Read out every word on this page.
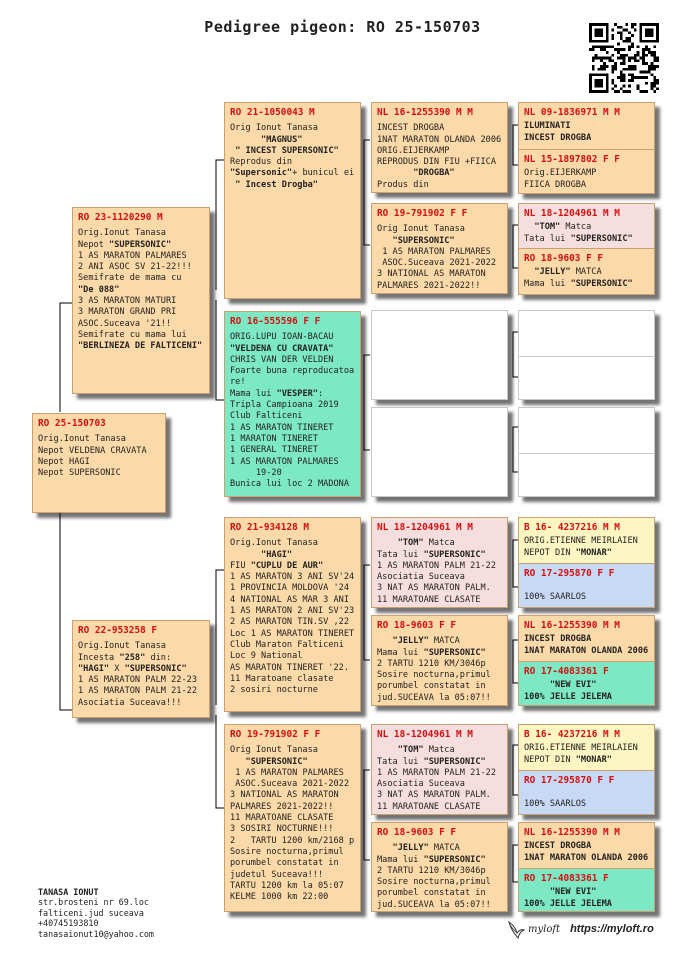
Pedigree pigeon: RO 25-150703
RO 25-150703
Orig.Ionut Tanasa
Nepot VELDENA CRAVATA
Nepot HAGI
Nepot SUPERSONIC
RO 23-1120290 M
Orig.Ionut Tanasa
Nepot "SUPERSONIC"
1 AS MARATON PALMARES
2 ANI ASOC SV 21-22!!!
Semifrate de mama cu
"De 088"
3 AS MARATON MATURI
3 MARATON GRAND PRI
ASOC.Suceava '21!!
Semifrate cu mama lui
"BERLINEZA DE FALTICENI"
RO 22-953258 F
Orig.Ionut Tanasa
Incesta "258" din:
"HAGI" X "SUPERSONIC"
1 AS MARATON PALM 22-23
1 AS MARATON PALM 21-22
Asociatia Suceava!!!
RO 21-1050043 M
Orig Ionut Tanasa
"MAGNUS"
" INCEST SUPERSONIC"
Reprodus din
"Supersonic"+ bunicul ei
" Incest Drogba"
RO 16-555596 F F
ORIG.LUPU IOAN-BACAU
"VELDENA CU CRAVATA"
CHRIS VAN DER VELDEN
Foarte buna reproducatoa
re!
Mama lui "VESPER":
Tripla Campioana 2019
Club Falticeni
1 AS MARATON TINERET
1 MARATON TINERET
1 GENERAL TINERET
1 AS MARATON PALMARES
19-20
Bunica lui loc 2 MADONA
RO 21-934128 M
Orig.Ionut Tanasa
"HAGI"
FIU "CUPLU DE AUR"
1 AS MARATON 3 ANI SV'24
1 PROVINCIA MOLDOVA '24
4 NATIONAL AS MAR 3 ANI
1 AS MARATON 2 ANI SV'23
2 AS MARATON TIN.SV ,22
Loc 1 AS MARATON TINERET
Club Maraton Falticeni
Loc 9 National
AS MARATON TINERET '22.
11 Maratoane clasate
2 sosiri nocturne
RO 19-791902 F F
Orig Ionut Tanasa
"SUPERSONIC"
1 AS MARATON PALMARES
ASOC.Suceava 2021-2022
3 NATIONAL AS MARATON
PALMARES 2021-2022!!
11 MARATOANE CLASATE
3 SOSIRI NOCTURNE!!!
2   TARTU 1200 km/2168 p
Sosire nocturna,primul
porumbel constatat in
judetul Suceava!!!
TARTU 1200 km la 05:07
KELME 1000 km 22:00
NL 16-1255390 M M
INCEST DROGBA
1NAT MARATON OLANDA 2006
ORIG.EIJERKAMP
REPRODUS DIN FIU +FIICA
"DROGBA"
Produs din
RO 19-791902 F F
Orig Ionut Tanasa
"SUPERSONIC"
1 AS MARATON PALMARES
ASOC.Suceava 2021-2022
3 NATIONAL AS MARATON
PALMARES 2021-2022!!
NL 18-1204961 M M
"TOM" Matca
Tata lui "SUPERSONIC"
1 AS MARATON PALM 21-22
Asociatia Suceava
3 NAT AS MARATON PALM.
11 MARATOANE CLASATE
RO 18-9603 F F
"JELLY" MATCA
Mama lui "SUPERSONIC"
2 TARTU 1210 KM/3046p
Sosire nocturna,primul
porumbel constatat in
jud.SUCEAVA la 05:07!!
NL 18-1204961 M M
"TOM" Matca
Tata lui "SUPERSONIC"
1 AS MARATON PALM 21-22
Asociatia Suceava
3 NAT AS MARATON PALM.
11 MARATOANE CLASATE
RO 18-9603 F F
"JELLY" MATCA
Mama lui "SUPERSONIC"
2 TARTU 1210 KM/3046p
Sosire nocturna,primul
porumbel constatat in
jud.SUCEAVA la 05:07!!
NL 09-1836971 M M
ILUMINATI
INCEST DROGBA
NL 15-1897802 F F
Orig.EIJERKAMP
FIICA DROGBA
NL 18-1204961 M M
"TOM" Matca
Tata lui "SUPERSONIC"
RO 18-9603 F F
"JELLY" MATCA
Mama lui "SUPERSONIC"
B 16- 4237216 M M
ORIG.ETIENNE MEIRLAIEN
NEPOT DIN "MONAR"
RO 17-295870 F F

100% SAARLOS
NL 16-1255390 M M
INCEST DROGBA
1NAT MARATON OLANDA 2006
RO 17-4083361 F
"NEW EVI"
100% JELLE JELEMA
B 16- 4237216 M M
ORIG.ETIENNE MEIRLAIEN
NEPOT DIN "MONAR"
RO 17-295870 F F

100% SAARLOS
NL 16-1255390 M M
INCEST DROGBA
1NAT MARATON OLANDA 2006
RO 17-4083361 F
"NEW EVI"
100% JELLE JELEMA
TANASA IONUT
str.brosteni nr 69.loc
falticeni.jud suceava
+40745193810
tanasaionut10@yahoo.com	myloft https://myloft.ro
